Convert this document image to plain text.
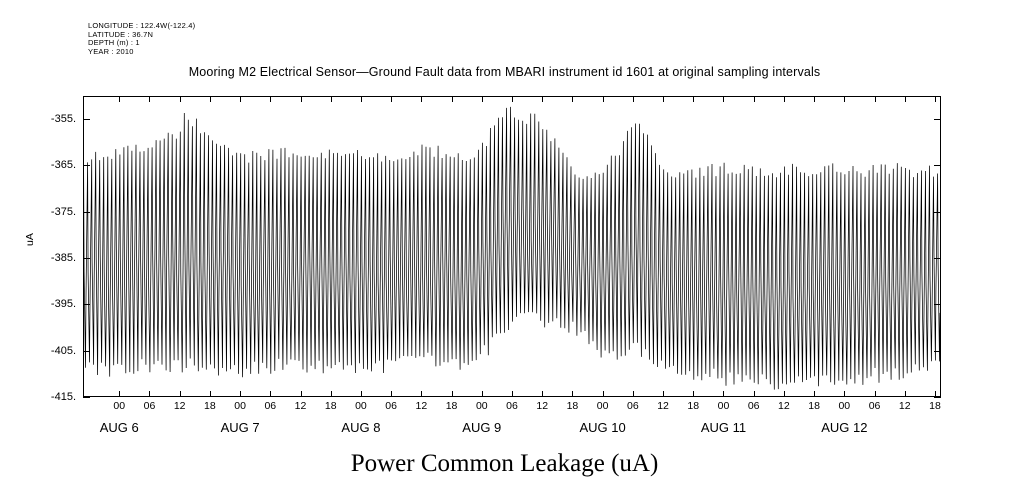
LONGITUDE : 122.4W(-122.4)
LATITUDE : 36.7N
DEPTH (m) : 1
YEAR : 2010
Mooring M2 Electrical Sensor—Ground Fault data from MBARI instrument id 1601 at original sampling intervals
uA
-355.
-365.
-375.
-385.
-395.
-405.
-415.
00 06 12 18 00 06 12 18 00 06 12 18 00 06 12 18 00 06 12 18 00 06 12 18 00 06 12 18
AUG 6	AUG 7	AUG 8	AUG 9	AUG 10	AUG 11	AUG 12
Power Common Leakage (uA)
